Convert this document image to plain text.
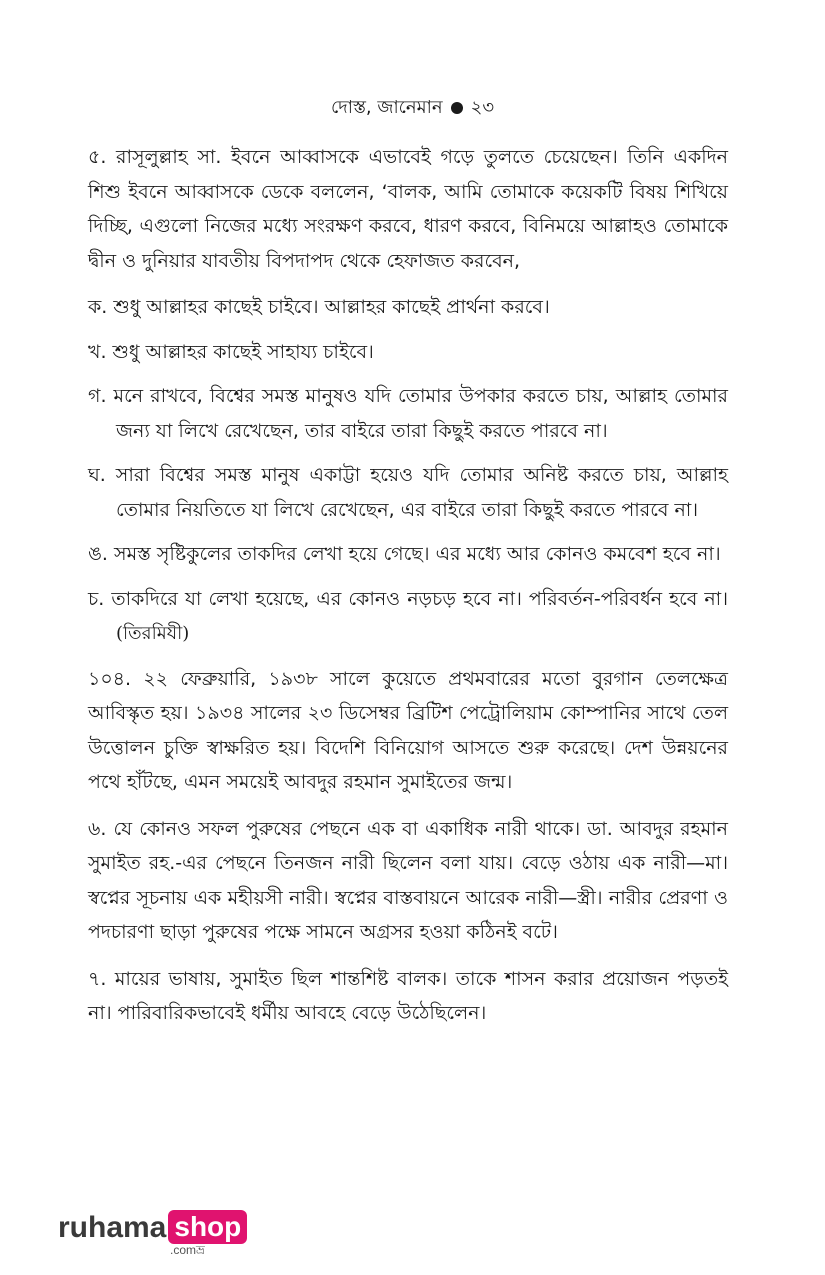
দোস্ত, জানেমান ২৩

৫. রাসূলুল্লাহ সা. ইবনে আব্বাসকে এভাবেই গড়ে তুলতে চেয়েছেন। তিনি একদিন শিশু ইবনে আব্বাসকে ডেকে বললেন, ‘বালক, আমি তোমাকে কয়েকটি বিষয় শিখিয়ে দিচ্ছি, এগুলো নিজের মধ্যে সংরক্ষণ করবে, ধারণ করবে, বিনিময়ে আল্লাহও তোমাকে দ্বীন ও দুনিয়ার যাবতীয় বিপদাপদ থেকে হেফাজত করবেন,

ক. শুধু আল্লাহর কাছেই চাইবে। আল্লাহর কাছেই প্রার্থনা করবে।

খ. শুধু আল্লাহর কাছেই সাহায্য চাইবে।

গ. মনে রাখবে, বিশ্বের সমস্ত মানুষও যদি তোমার উপকার করতে চায়, আল্লাহ তোমার জন্য যা লিখে রেখেছেন, তার বাইরে তারা কিছুই করতে পারবে না।

ঘ. সারা বিশ্বের সমস্ত মানুষ একাট্টা হয়েও যদি তোমার অনিষ্ট করতে চায়, আল্লাহ তোমার নিয়তিতে যা লিখে রেখেছেন, এর বাইরে তারা কিছুই করতে পারবে না।

ঙ. সমস্ত সৃষ্টিকুলের তাকদির লেখা হয়ে গেছে। এর মধ্যে আর কোনও কমবেশ হবে না।

চ. তাকদিরে যা লেখা হয়েছে, এর কোনও নড়চড় হবে না। পরিবর্তন-পরিবর্ধন হবে না। (তিরমিযী)

১০৪. ২২ ফেব্রুয়ারি, ১৯৩৮ সালে কুয়েতে প্রথমবারের মতো বুরগান তেলক্ষেত্র আবিস্কৃত হয়। ১৯৩৪ সালের ২৩ ডিসেম্বর ব্রিটিশ পেট্রোলিয়াম কোম্পানির সাথে তেল উত্তোলন চুক্তি স্বাক্ষরিত হয়। বিদেশি বিনিয়োগ আসতে শুরু করেছে। দেশ উন্নয়নের পথে হাঁটছে, এমন সময়েই আবদুর রহমান সুমাইতের জন্ম।

৬. যে কোনও সফল পুরুষের পেছনে এক বা একাধিক নারী থাকে। ডা. আবদুর রহমান সুমাইত রহ.-এর পেছনে তিনজন নারী ছিলেন বলা যায়। বেড়ে ওঠায় এক নারী—মা। স্বপ্নের সূচনায় এক মহীয়সী নারী। স্বপ্নের বাস্তবায়নে আরেক নারী—স্ত্রী। নারীর প্রেরণা ও পদচারণা ছাড়া পুরুষের পক্ষে সামনে অগ্রসর হওয়া কঠিনই বটে।

৭. মায়ের ভাষায়, সুমাইত ছিল শান্তশিষ্ট বালক। তাকে শাসন করার প্রয়োজন পড়তই না। পারিবারিকভাবেই ধর্মীয় আবহে বেড়ে উঠেছিলেন।

ruhama shop
.comভ্র
